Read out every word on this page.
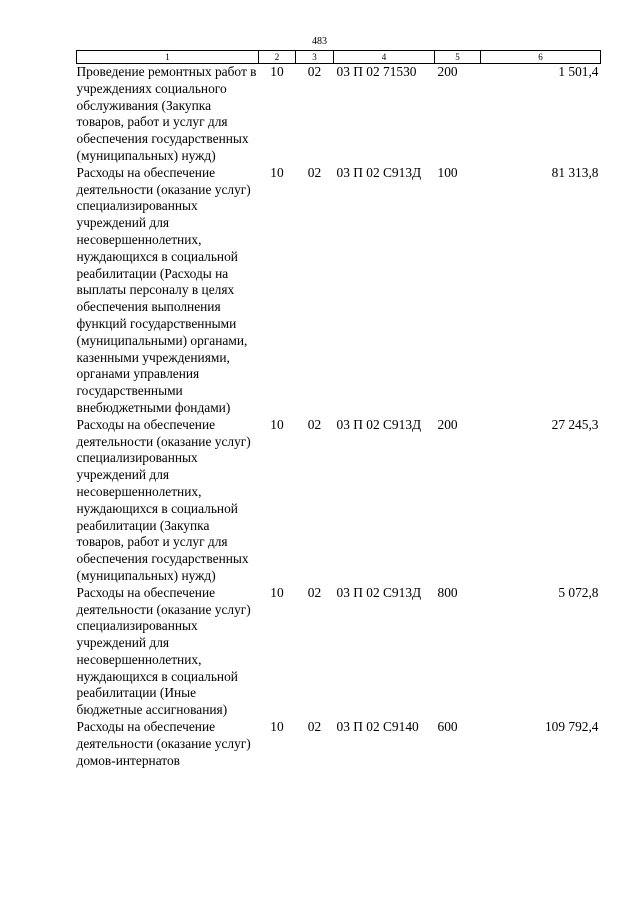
483
1	2	3	4	5	6
Проведение ремонтных работ в учреждениях социального обслуживания (Закупка товаров, работ и услуг для обеспечения государственных (муниципальных) нужд)	10	02	03 П 02 71530	200	1 501,4
Расходы на обеспечение деятельности (оказание услуг) специализированных учреждений для несовершеннолетних, нуждающихся в социальной реабилитации (Расходы на выплаты персоналу в целях обеспечения выполнения функций государственными (муниципальными) органами, казенными учреждениями, органами управления государственными внебюджетными фондами)	10	02	03 П 02 С913Д	100	81 313,8
Расходы на обеспечение деятельности (оказание услуг) специализированных учреждений для несовершеннолетних, нуждающихся в социальной реабилитации (Закупка товаров, работ и услуг для обеспечения государственных (муниципальных) нужд)	10	02	03 П 02 С913Д	200	27 245,3
Расходы на обеспечение деятельности (оказание услуг) специализированных учреждений для несовершеннолетних, нуждающихся в социальной реабилитации (Иные бюджетные ассигнования)	10	02	03 П 02 С913Д	800	5 072,8
Расходы на обеспечение деятельности (оказание услуг) домов-интернатов	10	02	03 П 02 С9140	600	109 792,4
